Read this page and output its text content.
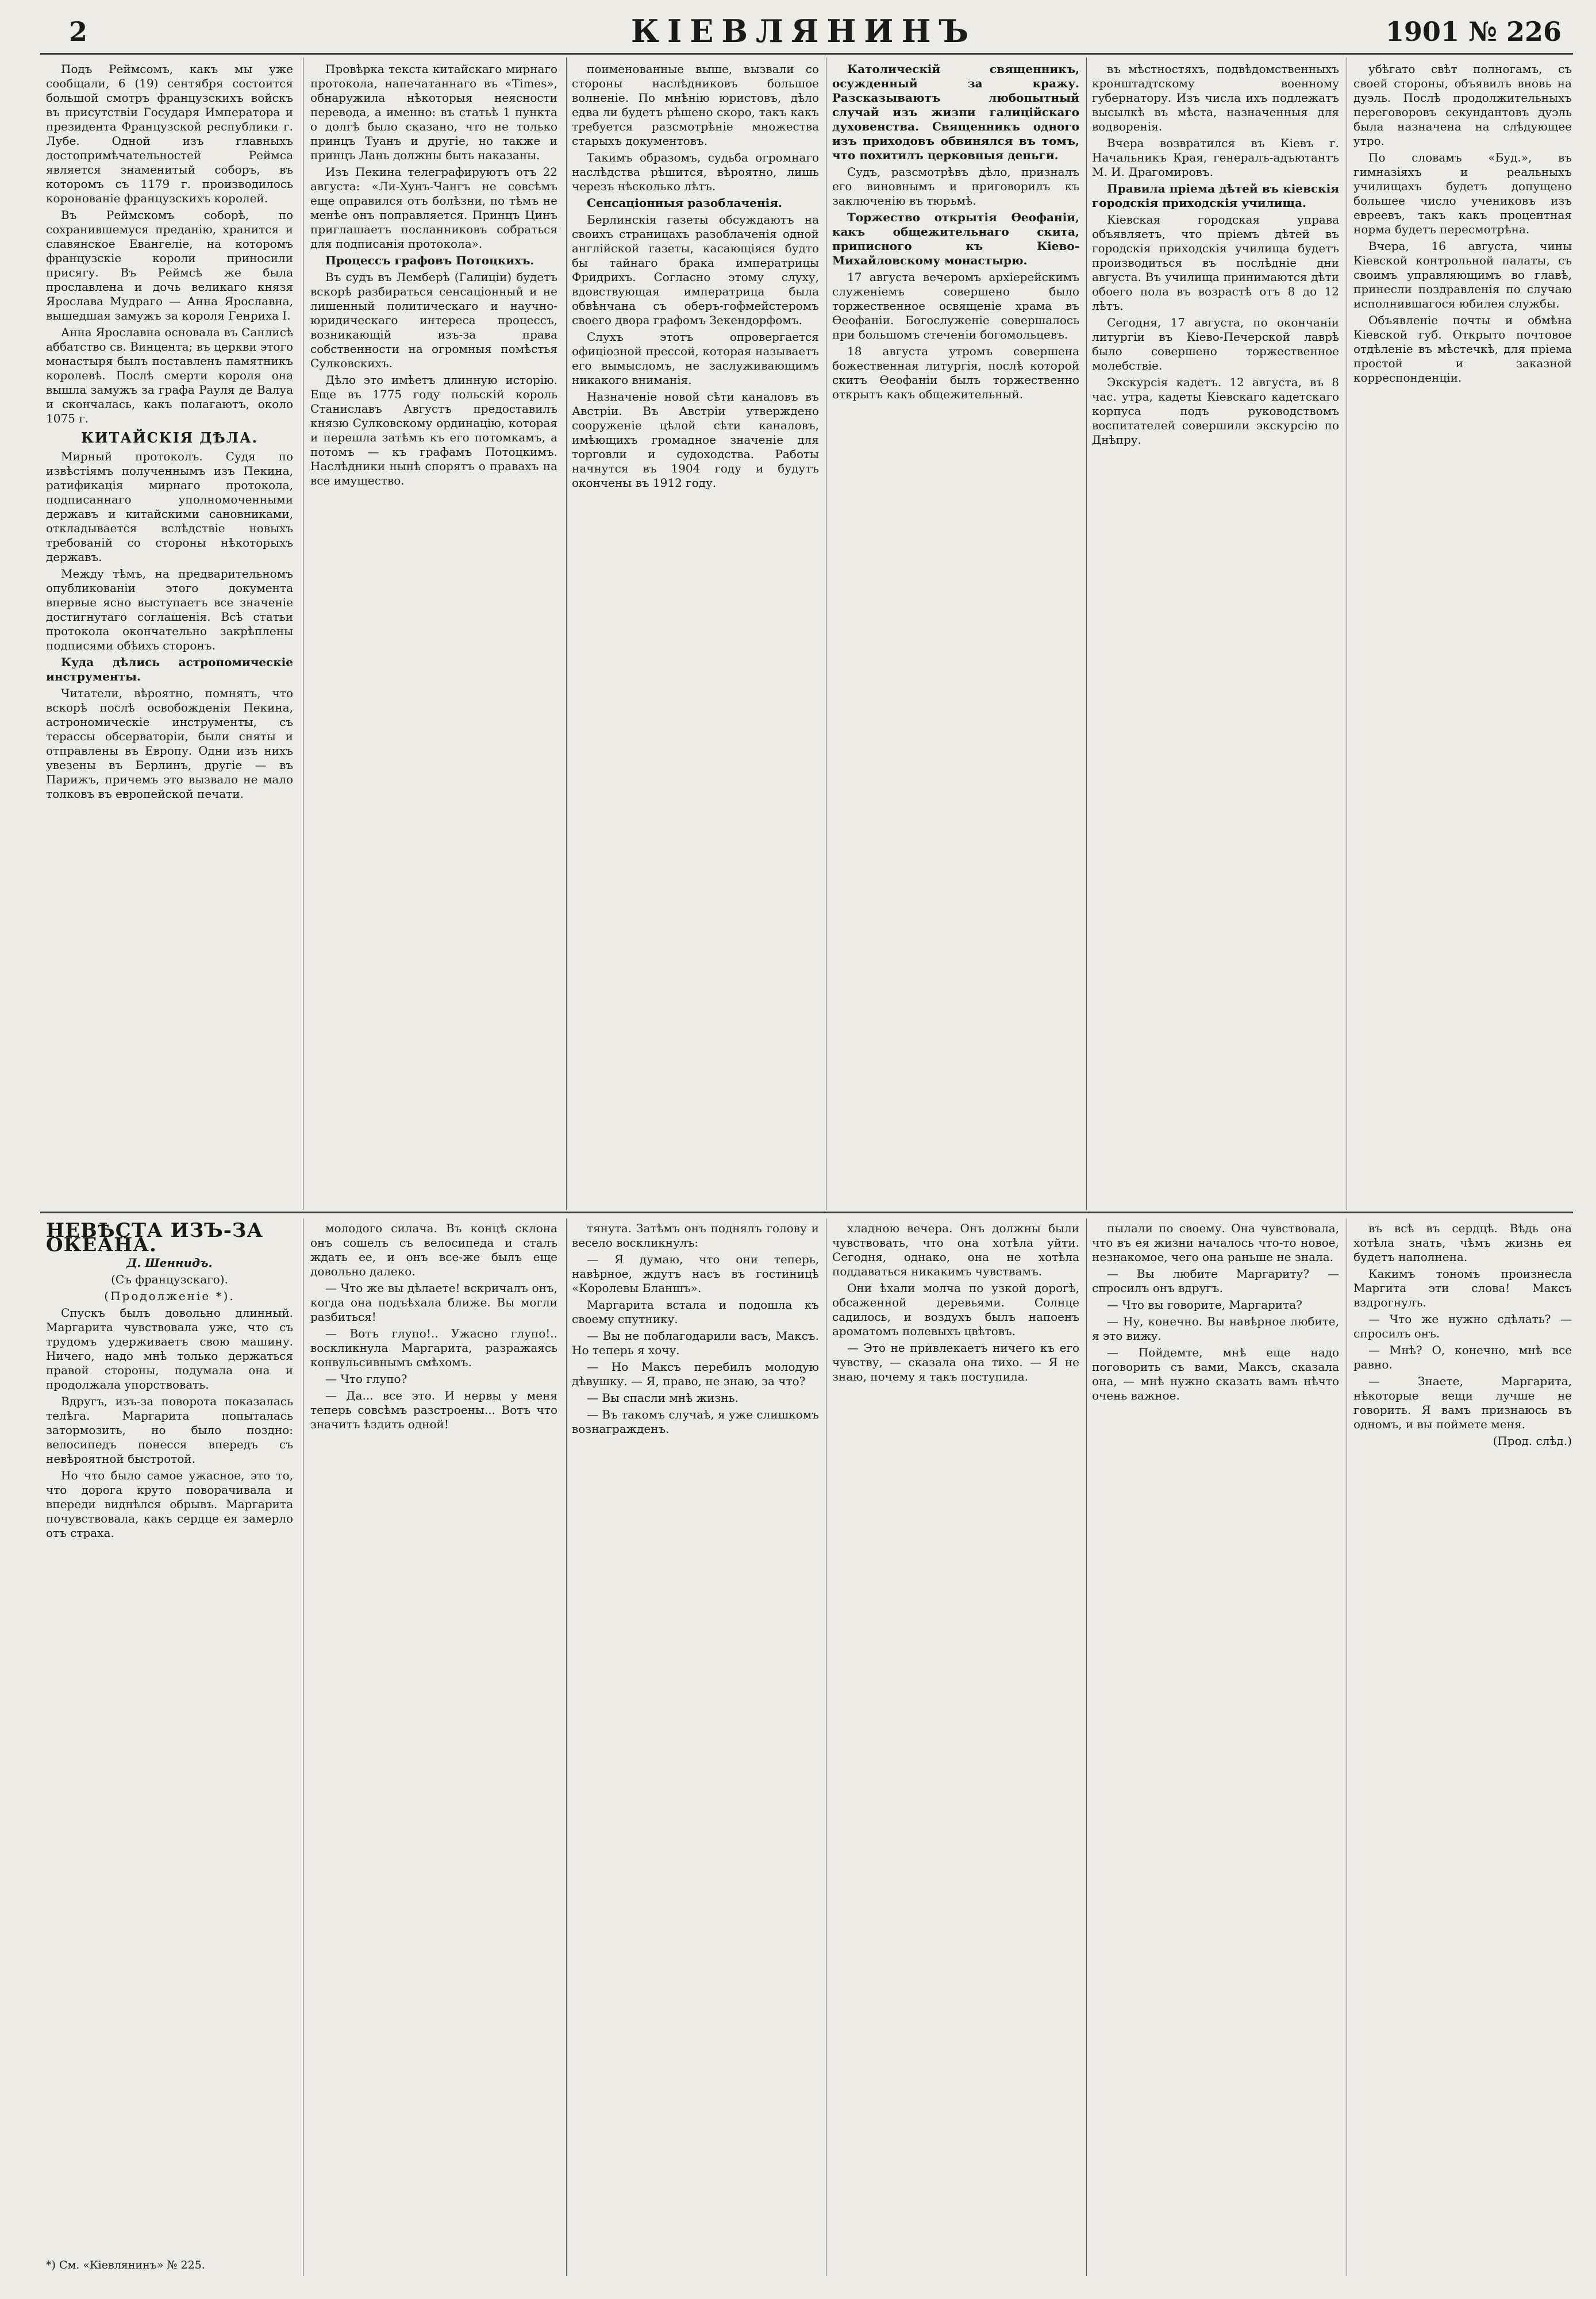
2	КІЕВЛЯНИНЪ	1901 № 226

Подъ Реймсомъ, какъ мы уже сообщали, 6 (19) сентября состоится большой смотръ французскихъ войскъ въ присутствіи Государя Императора и президента Французской республики г. Лубе. Одной изъ главныхъ достопримѣчательностей Реймса является знаменитый соборъ, въ которомъ съ 1179 г. производилось коронованіе французскихъ королей.

Въ Реймскомъ соборѣ, по сохранившемуся преданію, хранится и славянское Евангеліе, на которомъ французскіе короли приносили присягу. Въ Реймсѣ же была прославлена и дочь великаго князя Ярослава Мудраго — Анна Ярославна, вышедшая замужъ за короля Генриха I.

Анна Ярославна основала въ Санлисѣ аббатство св. Винцента; въ церкви этого монастыря былъ поставленъ памятникъ королевѣ. Послѣ смерти короля она вышла замужъ за графа Рауля де Валуа и скончалась, какъ полагаютъ, около 1075 г.

КИТАЙСКІЯ ДѢЛА.

Мирный протоколъ. Судя по извѣстіямъ полученнымъ изъ Пекина, ратификація мирнаго протокола, подписаннаго уполномоченными державъ и китайскими сановниками, откладывается вслѣдствіе новыхъ требованій со стороны нѣкоторыхъ державъ.

Между тѣмъ, на предварительномъ опубликованіи этого документа впервые ясно выступаетъ все значеніе достигнутаго соглашенія. Всѣ статьи протокола окончательно закрѣплены подписями обѣихъ сторонъ.

Куда дѣлись астрономическіе инструменты.

Читатели, вѣроятно, помнятъ, что вскорѣ послѣ освобожденія Пекина, астрономическіе инструменты, съ терассы обсерваторіи, были сняты и отправлены въ Европу. Одни изъ нихъ увезены въ Берлинъ, другіе — въ Парижъ, причемъ это вызвало не мало толковъ въ европейской печати.

Провѣрка текста китайскаго мирнаго протокола, напечатаннаго въ «Times», обнаружила нѣкоторыя неясности перевода, а именно: въ статьѣ 1 пункта о долгѣ было сказано, что не только принцъ Туанъ и другіе, но также и принцъ Лань должны быть наказаны.

Изъ Пекина телеграфируютъ отъ 22 августа: «Ли-Хунъ-Чангъ не совсѣмъ еще оправился отъ болѣзни, по тѣмъ не менѣе онъ поправляется. Принцъ Цинъ приглашаетъ посланниковъ собраться для подписанія протокола».

Процессъ графовъ Потоцкихъ.

Въ судъ въ Лемберѣ (Галиціи) будетъ вскорѣ разбираться сенсаціонный и не лишенный политическаго и научно-юридическаго интереса процессъ, возникающій изъ-за права собственности на огромныя помѣстья Сулковскихъ.

Дѣло это имѣетъ длинную исторію. Еще въ 1775 году польскій король Станиславъ Августъ предоставилъ князю Сулковскому ординацію, которая и перешла затѣмъ къ его потомкамъ, а потомъ — къ графамъ Потоцкимъ. Наслѣдники нынѣ спорятъ о правахъ на все имущество.

поименованные выше, вызвали со стороны наслѣдниковъ большое волненіе. По мнѣнію юристовъ, дѣло едва ли будетъ рѣшено скоро, такъ какъ требуется разсмотрѣніе множества старыхъ документовъ.

Такимъ образомъ, судьба огромнаго наслѣдства рѣшится, вѣроятно, лишь черезъ нѣсколько лѣтъ.

Сенсаціонныя разоблаченія.

Берлинскія газеты обсуждаютъ на своихъ страницахъ разоблаченія одной англійской газеты, касающіяся будто бы тайнаго брака императрицы Фридрихъ. Согласно этому слуху, вдовствующая императрица была обвѣнчана съ оберъ-гофмейстеромъ своего двора графомъ Зекендорфомъ.

Слухъ этотъ опровергается офиціозной прессой, которая называетъ его вымысломъ, не заслуживающимъ никакого вниманія.

Назначеніе новой сѣти каналовъ въ Австріи. Въ Австріи утверждено сооруженіе цѣлой сѣти каналовъ, имѣющихъ громадное значеніе для торговли и судоходства. Работы начнутся въ 1904 году и будутъ окончены въ 1912 году.

Католическій священникъ, осужденный за кражу. Разсказываютъ любопытный случай изъ жизни галиційскаго духовенства. Священникъ одного изъ приходовъ обвинялся въ томъ, что похитилъ церковныя деньги.

Судъ, разсмотрѣвъ дѣло, призналъ его виновнымъ и приговорилъ къ заключенію въ тюрьмѣ.

Торжество открытія Ѳеофаніи, какъ общежительнаго скита, приписного къ Кіево-Михайловскому монастырю.

17 августа вечеромъ архіерейскимъ служеніемъ совершено было торжественное освященіе храма въ Ѳеофаніи. Богослуженіе совершалось при большомъ стеченіи богомольцевъ.

18 августа утромъ совершена божественная литургія, послѣ которой скитъ Ѳеофаніи былъ торжественно открытъ какъ общежительный.

въ мѣстностяхъ, подвѣдомственныхъ кронштадтскому военному губернатору. Изъ числа ихъ подлежатъ высылкѣ въ мѣста, назначенныя для водворенія.

Вчера возвратился въ Кіевъ г. Начальникъ Края, генералъ-адъютантъ М. И. Драгомировъ.

Правила пріема дѣтей въ кіевскія городскія приходскія училища.

Кіевская городская управа объявляетъ, что пріемъ дѣтей въ городскія приходскія училища будетъ производиться въ послѣдніе дни августа. Въ училища принимаются дѣти обоего пола въ возрастѣ отъ 8 до 12 лѣтъ.

Сегодня, 17 августа, по окончаніи литургіи въ Кіево-Печерской лаврѣ было совершено торжественное молебствіе.

Экскурсія кадетъ. 12 августа, въ 8 час. утра, кадеты Кіевскаго кадетскаго корпуса подъ руководствомъ воспитателей совершили экскурсію по Днѣпру.

убѣгато свѣт полногамъ, съ своей стороны, объявилъ вновь на дуэль. Послѣ продолжительныхъ переговоровъ секундантовъ дуэль была назначена на слѣдующее утро.

По словамъ «Буд.», въ гимназіяхъ и реальныхъ училищахъ будетъ допущено большее число учениковъ изъ евреевъ, такъ какъ процентная норма будетъ пересмотрѣна.

Вчера, 16 августа, чины Кіевской контрольной палаты, съ своимъ управляющимъ во главѣ, принесли поздравленія по случаю исполнившагося юбилея службы.

Объявленіе почты и обмѣна Кіевской губ. Открыто почтовое отдѣленіе въ мѣстечкѣ, для пріема простой и заказной корреспонденціи.

НЕВѢСТА ИЗЪ-ЗА ОКЕАНА.

Д. Шеннидъ.

(Съ французскаго).

(Продолженіе *).

Спускъ былъ довольно длинный. Маргарита чувствовала уже, что съ трудомъ удерживаетъ свою машину. Ничего, надо мнѣ только держаться правой стороны, подумала она и продолжала упорствовать.

Вдругъ, изъ-за поворота показалась телѣга. Маргарита попыталась затормозить, но было поздно: велосипедъ понесся впередъ съ невѣроятной быстротой.

Но что было самое ужасное, это то, что дорога круто поворачивала и впереди виднѣлся обрывъ. Маргарита почувствовала, какъ сердце ея замерло отъ страха.

молодого силача. Въ концѣ склона онъ сошелъ съ велосипеда и сталъ ждать ее, и онъ все-же былъ еще довольно далеко.

— Что же вы дѣлаете! вскричалъ онъ, когда она подъѣхала ближе. Вы могли разбиться!

— Вотъ глупо!.. Ужасно глупо!.. воскликнула Маргарита, разражаясь конвульсивнымъ смѣхомъ.

— Что глупо?

— Да... все это. И нервы у меня теперь совсѣмъ разстроены... Вотъ что значитъ ѣздить одной!

тянута. Затѣмъ онъ поднялъ голову и весело воскликнулъ:

— Я думаю, что они теперь, навѣрное, ждутъ насъ въ гостиницѣ «Королевы Бланшъ».

Маргарита встала и подошла къ своему спутнику.

— Вы не поблагодарили васъ, Максъ. Но теперь я хочу.

— Но Максъ перебилъ молодую дѣвушку. — Я, право, не знаю, за что?

— Вы спасли мнѣ жизнь.

— Въ такомъ случаѣ, я уже слишкомъ вознагражденъ.

хладною вечера. Онъ должны были чувствовать, что она хотѣла уйти. Сегодня, однако, она не хотѣла поддаваться никакимъ чувствамъ.

Они ѣхали молча по узкой дорогѣ, обсаженной деревьями. Солнце садилось, и воздухъ былъ напоенъ ароматомъ полевыхъ цвѣтовъ.

— Это не привлекаетъ ничего къ его чувству, — сказала она тихо. — Я не знаю, почему я такъ поступила.

пылали по своему. Она чувствовала, что въ ея жизни началось что-то новое, незнакомое, чего она раньше не знала.

— Вы любите Маргариту? — спросилъ онъ вдругъ.

— Что вы говорите, Маргарита?

— Ну, конечно. Вы навѣрное любите, я это вижу.

— Пойдемте, мнѣ еще надо поговорить съ вами, Максъ, сказала она, — мнѣ нужно сказать вамъ нѣчто очень важное.

въ всѣ въ сердцѣ. Вѣдь она хотѣла знать, чѣмъ жизнь ея будетъ наполнена.

Какимъ тономъ произнесла Маргита эти слова! Максъ вздрогнулъ.

— Что же нужно сдѣлать? — спросилъ онъ.

— Мнѣ? О, конечно, мнѣ все равно.

— Знаете, Маргарита, нѣкоторые вещи лучше не говорить. Я вамъ признаюсь въ одномъ, и вы поймете меня.

(Прод. слѣд.)

*) См. «Кіевлянинъ» № 225.
